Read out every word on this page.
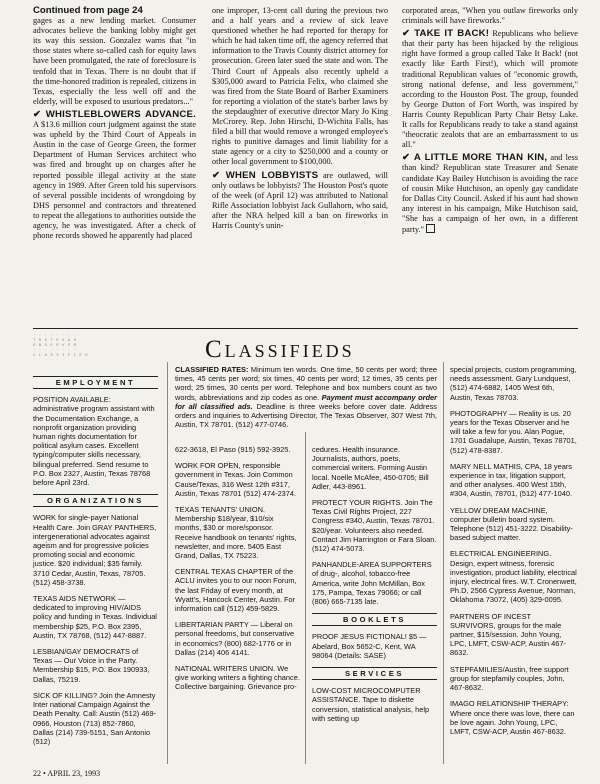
Continued from page 24
gages as a new lending market. Consumer advocates believe the banking lobby might get its way this session. Gonzalez warns that "in those states where so-called cash for equity laws have been promulgated, the rate of foreclosure is tenfold that in Texas. There is no doubt that if the time-honored tradition is repealed, citizens in Texas, especially the less well off and the elderly, will be exposed to usurious predators..."

✔ WHISTLEBLOWERS ADVANCE. A $13.6 million court judgment against the state was upheld by the Third Court of Appeals in Austin in the case of George Green, the former Department of Human Services architect who was fired and brought up on charges after he reported possible illegal activity at the state agency in 1989. After Green told his supervisors of several possible incidents of wrongdoing by DHS personnel and contractors and threatened to repeat the allegations to authorities outside the agency, he was investigated. After a check of phone records showed he apparently had placed

one improper, 13-cent call during the previous two and a half years and a review of sick leave questioned whether he had reported for therapy for which he had taken time off, the agency referred that information to the Travis County district attorney for prosecution. Green later sued the state and won. The Third Court of Appeals also recently upheld a $305,000 award to Patricia Felix, who claimed she was fired from the State Board of Barber Examiners for reporting a violation of the state's barber laws by the stepdaughter of executive director Mary Jo King McCrorey. Rep. John Hirschi, D-Wichita Falls, has filed a bill that would remove a wronged employee's rights to punitive damages and limit liability for a state agency or a city to $250,000 and a county or other local government to $100,000.

✔ WHEN LOBBYISTS are outlawed, will only outlaws be lobbyists? The Houston Post's quote of the week (of April 12) was attributed to National Rifle Association lobbyist Jack Gullahorn, who said, after the NRA helped kill a ban on fireworks in Harris County's unin-

corporated areas, "When you outlaw fireworks only criminals will have fireworks."

✔ TAKE IT BACK! Republicans who believe that their party has been hijacked by the religious right have formed a group called Take It Back! (not exactly like Earth First!), which will promote traditional Republican values of "economic growth, strong national defense, and less government," according to the Houston Post. The group, founded by George Dutton of Fort Worth, was inspired by Harris County Republican Party Chair Betsy Lake. It calls for Republicans ready to take a stand against "theocratic zealots that are an embarrassment to us all."

✔ A LITTLE MORE THAN KIN, and less than kind? Republican state Treasurer and Senate candidate Kay Bailey Hutchison is avoiding the race of cousin Mike Hutchison, an openly gay candidate for Dallas City Council. Asked if his aunt had shown any interest in his campaign, Mike Hutchison said, "She has a campaign of her own, in a different party."

· · · · · · · ·
T H E T E X A S
O B S E R V E R
· · · · · · · ·
C L A S S I F I E D	Classifieds
CLASSIFIED RATES: Minimum ten words. One time, 50 cents per word; three times, 45 cents per word; six times, 40 cents per word; 12 times, 35 cents per word; 25 times, 30 cents per word. Telephone and box numbers count as two words, abbreviations and zip codes as one. Payment must accompany order for all classified ads. Deadline is three weeks before cover date. Address orders and inquiries to Advertising Director, The Texas Observer, 307 West 7th, Austin, TX 78701. (512) 477-0746.
EMPLOYMENT

POSITION AVAILABLE: administrative program assistant with the Documentation Exchange, a nonprofit organization providing human rights documentation for political asylum cases. Excellent typing/computer skills necessary, bilingual preferred. Send resume to P.O. Box 2327, Austin, Texas 78768 before April 23rd.

ORGANIZATIONS

WORK for single-payer National Health Care. Join GRAY PANTHERS, intergenerational advocates against ageism and for progressive policies promoting social and economic justice. $20 individual; $35 family. 3710 Cedar, Austin, Texas, 78705. (512) 458-3738.

TEXAS AIDS NETWORK — dedicated to improving HIV/AIDS policy and funding in Texas. Individual membership $25, P.O. Box 2395, Austin, TX 78768, (512) 447-8887.

LESBIAN/GAY DEMOCRATS of Texas — Our Voice in the Party. Membership $15, P.O. Box 190933, Dallas, 75219.

SICK OF KILLING? Join the Amnesty Inter national Campaign Against the Death Penalty. Call: Austin (512) 469-0966, Houston (713) 852-7860, Dallas (214) 739-5151, San Antonio (512)

622-3618, El Paso (915) 592-3925.

WORK FOR OPEN, responsible government in Texas. Join Common Cause/Texas, 316 West 12th #317, Austin, Texas 78701 (512) 474-2374.

TEXAS TENANTS' UNION. Membership $18/year, $10/six months, $30 or more/sponsor. Receive handbook on tenants' rights, newsletter, and more. 5405 East Grand, Dallas, TX 75223.

CENTRAL TEXAS CHAPTER of the ACLU invites you to our noon Forum, the last Friday of every month, at Wyatt's, Hancock Center, Austin. For information call (512) 459-5829.

LIBERTARIAN PARTY — Liberal on personal freedoms, but conservative in economics? (800) 682-1776 or in Dallas (214) 406 4141.

NATIONAL WRITERS UNION. We give working writers a fighting chance. Collective bargaining. Grievance pro-

cedures. Health insurance. Journalists, authors, poets, commercial writers. Forming Austin local. Noelle McAfee, 450-0705; Bill Adler, 443-8961.

PROTECT YOUR RIGHTS. Join The Texas Civil Rights Project, 227 Congress #340, Austin, Texas 78701. $20/year. Volunteers also needed. Contact Jim Harrington or Fara Sloan. (512) 474-5073.

PANHANDLE-AREA SUPPORTERS of drug-, alcohol, tobacco-free America, write John McMillan, Box 175, Pampa, Texas 79066; or call (806) 665-7135 late.

BOOKLETS

PROOF JESUS FICTIONAL! $5 — Abelard, Box 5652-C, Kent, WA 98064 (Details: SASE)

SERVICES

LOW-COST MICROCOMPUTER ASSISTANCE. Tape to diskette conversion, statistical analysis, help with setting up

special projects, custom programming, needs assessment. Gary Lundquest, (512) 474-6882, 1405 West 6th, Austin, Texas 78703.

PHOTOGRAPHY — Reality is us. 20 years for the Texas Observer and he will take a few for you. Alan Pogue, 1701 Guadalupe, Austin, Texas 78701, (512) 478-8387.

MARY NELL MATHIS, CPA, 18 years experience in tax, litigation support, and other analyses. 400 West 15th, #304, Austin, 78701, (512) 477-1040.

YELLOW DREAM MACHINE, computer bulletin board system. Telephone (512) 451-3222. Disability-based subject matter.

ELECTRICAL ENGINEERING. Design, expert witness, forensic investigation, product liability, electrical injury, electrical fires. W.T. Cronenwett, Ph.D, 2566 Cypress Avenue, Norman, Oklahoma 73072, (405) 329-0095.

PARTNERS OF INCEST SURVIVORS, groups for the male partner, $15/session. John Young, LPC, LMFT, CSW-ACP, Austin 467-8632.

STEPFAMILIES/Austin, free support group for stepfamily couples, John, 467-8632.

IMAGO RELATIONSHIP THERAPY: Where once there was love, there can be love again. John Young, LPC, LMFT, CSW-ACP, Austin 467-8632.

22 • APRIL 23, 1993
